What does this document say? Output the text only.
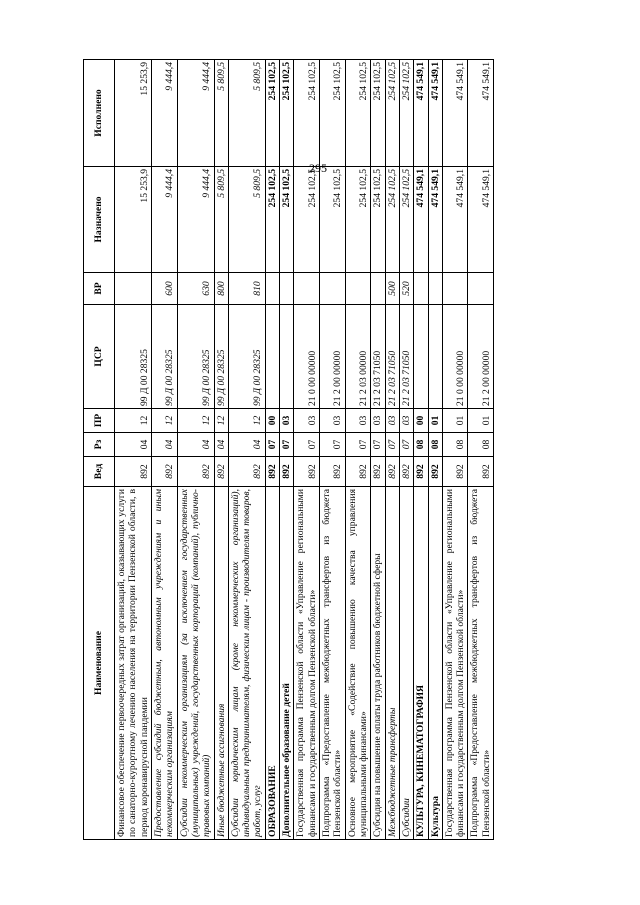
295
Наименование	Вед	Рз	ПР	ЦСР	ВР	Назначено	Исполнено
Финансовое обеспечение первоочередных затрат организаций, оказывающих услуги по санаторно-курортному лечению населения на территории Пензенской области, в период коронавирусной пандемии	892	04	12	99 Д 00 28325		15 253,9	15 253,9
Предоставление субсидий бюджетным, автономным учреждениям и иным некоммерческим организациям	892	04	12	99 Д 00 28325	600	9 444,4	9 444,4
Субсидии некоммерческим организациям (за исключением государственных (муниципальных) учреждений, государственных корпораций (компаний), публично-правовых компаний)	892	04	12	99 Д 00 28325	630	9 444,4	9 444,4
Иные бюджетные ассигнования	892	04	12	99 Д 00 28325	800	5 809,5	5 809,5
Субсидии юридическим лицам (кроме некоммерческих организаций), индивидуальным предпринимателям, физическим лицам - производителям товаров, работ, услуг	892	04	12	99 Д 00 28325	810	5 809,5	5 809,5
ОБРАЗОВАНИЕ	892	07	00			254 102,5	254 102,5
Дополнительное образование детей	892	07	03			254 102,5	254 102,5
Государственная программа Пензенской области «Управление региональными финансами и государственным долгом Пензенской области»	892	07	03	21 0 00 00000		254 102,5	254 102,5
Подпрограмма «Предоставление межбюджетных трансфертов из бюджета Пензенской области»	892	07	03	21 2 00 00000		254 102,5	254 102,5
Основное мероприятие «Содействие повышению качества управления муниципальными финансами»	892	07	03	21 2 03 00000		254 102,5	254 102,5
Субсидия на повышение оплаты труда работников бюджетной сферы	892	07	03	21 2 03 71050		254 102,5	254 102,5
Межбюджетные трансферты	892	07	03	21 2 03 71050	500	254 102,5	254 102,5
Субсидии	892	07	03	21 2 03 71050	520	254 102,5	254 102,5
КУЛЬТУРА, КИНЕМАТОГРАФИЯ	892	08	00			474 549,1	474 549,1
Культура	892	08	01			474 549,1	474 549,1
Государственная программа Пензенской области «Управление региональными финансами и государственным долгом Пензенской области»	892	08	01	21 0 00 00000		474 549,1	474 549,1
Подпрограмма «Предоставление межбюджетных трансфертов из бюджета Пензенской области»	892	08	01	21 2 00 00000		474 549,1	474 549,1
